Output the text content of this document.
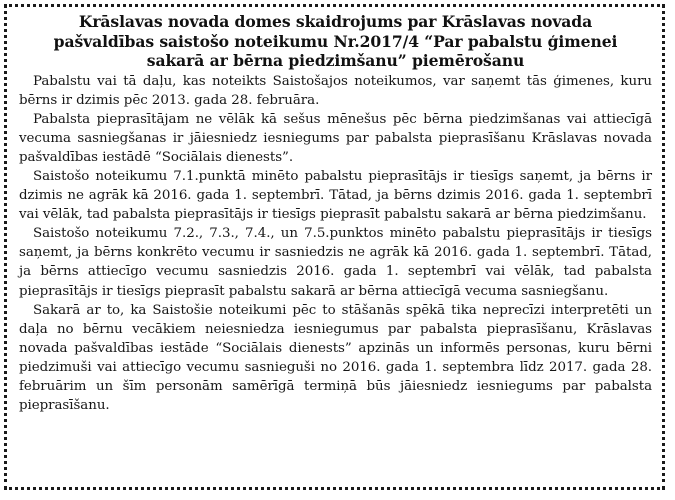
Krāslavas novada domes skaidrojums par Krāslavas novada
pašvaldības saistošo noteikumu Nr.2017/4 “Par pabalstu ģimenei
sakarā ar bērna piedzimšanu” piemērošanu

Pabalstu vai tā daļu, kas noteikts Saistošajos noteikumos, var saņemt tās ģimenes, kuru bērns ir dzimis pēc 2013. gada 28. februāra.

Pabalsta pieprasītājam ne vēlāk kā sešus mēnešus pēc bērna piedzimšanas vai attiecīgā vecuma sasniegšanas ir jāiesniedz iesniegums par pabalsta pieprasīšanu Krāslavas novada pašvaldības iestādē “Sociālais dienests”.

Saistošo noteikumu 7.1.punktā minēto pabalstu pieprasītājs ir tiesīgs saņemt, ja bērns ir dzimis ne agrāk kā 2016. gada 1. septembrī. Tātad, ja bērns dzimis 2016. gada 1. septembrī vai vēlāk, tad pabalsta pieprasītājs ir tiesīgs pieprasīt pabalstu sakarā ar bērna piedzimšanu.

Saistošo noteikumu 7.2., 7.3., 7.4., un 7.5.punktos minēto pabalstu pieprasītājs ir tiesīgs saņemt, ja bērns konkrēto vecumu ir sasniedzis ne agrāk kā 2016. gada 1. septembrī. Tātad, ja bērns attiecīgo vecumu sasniedzis 2016. gada 1. septembrī vai vēlāk, tad pabalsta pieprasītājs ir tiesīgs pieprasīt pabalstu sakarā ar bērna attiecīgā vecuma sasniegšanu.

Sakarā ar to, ka Saistošie noteikumi pēc to stāšanās spēkā tika neprecīzi interpretēti un daļa no bērnu vecākiem neiesniedza iesniegumus par pabalsta pieprasīšanu, Krāslavas novada pašvaldības iestāde “Sociālais dienests” apzinās un informēs personas, kuru bērni piedzimuši vai attiecīgo vecumu sasnieguši no 2016. gada 1. septembra līdz 2017. gada 28. februārim un šīm personām samērīgā termiņā būs jāiesniedz iesniegums par pabalsta pieprasīšanu.
